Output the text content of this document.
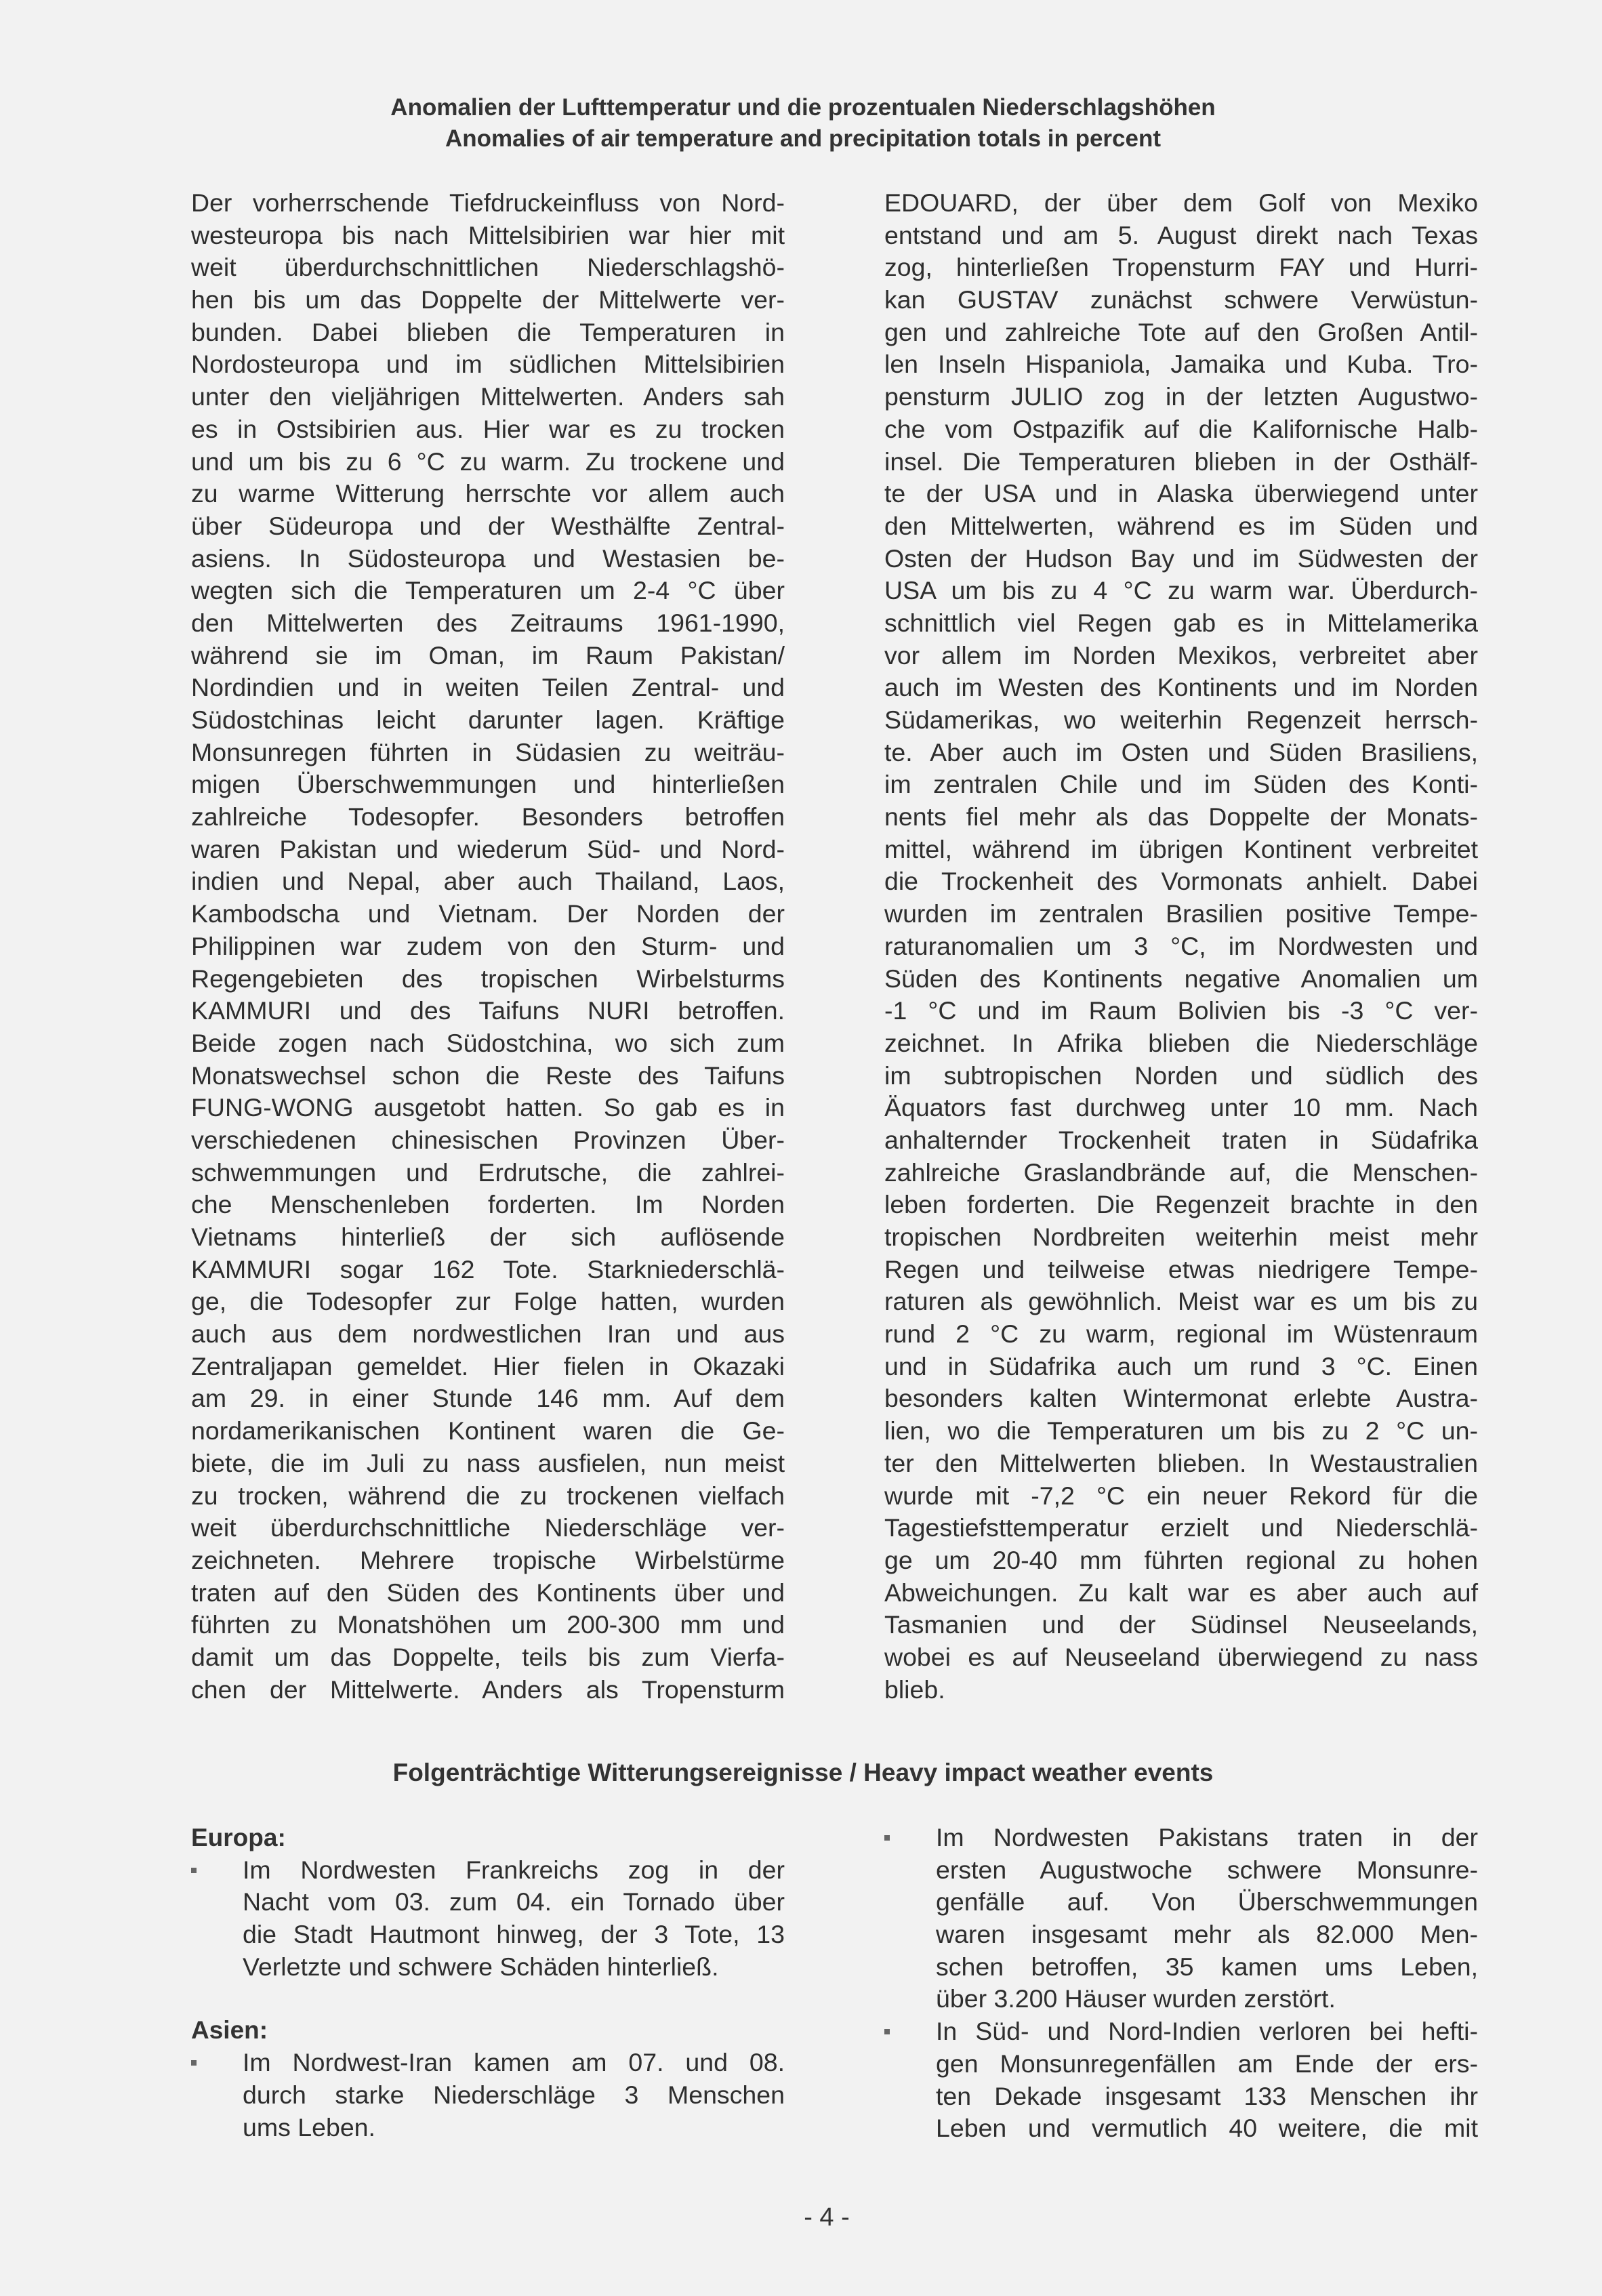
Anomalien der Lufttemperatur und die prozentualen Niederschlagshöhen
Anomalies of air temperature and precipitation totals in percent
Der vorherrschende Tiefdruckeinfluss von Nord-
westeuropa bis nach Mittelsibirien war hier mit
weit überdurchschnittlichen Niederschlagshö-
hen bis um das Doppelte der Mittelwerte ver-
bunden. Dabei blieben die Temperaturen in
Nordosteuropa und im südlichen Mittelsibirien
unter den vieljährigen Mittelwerten. Anders sah
es in Ostsibirien aus. Hier war es zu trocken
und um bis zu 6 °C zu warm. Zu trockene und
zu warme Witterung herrschte vor allem auch
über Südeuropa und der Westhälfte Zentral-
asiens. In Südosteuropa und Westasien be-
wegten sich die Temperaturen um 2-4 °C über
den Mittelwerten des Zeitraums 1961-1990,
während sie im Oman, im Raum Pakistan/
Nordindien und in weiten Teilen Zentral- und
Südostchinas leicht darunter lagen. Kräftige
Monsunregen führten in Südasien zu weiträu-
migen Überschwemmungen und hinterließen
zahlreiche Todesopfer. Besonders betroffen
waren Pakistan und wiederum Süd- und Nord-
indien und Nepal, aber auch Thailand, Laos,
Kambodscha und Vietnam. Der Norden der
Philippinen war zudem von den Sturm- und
Regengebieten des tropischen Wirbelsturms
KAMMURI und des Taifuns NURI betroffen.
Beide zogen nach Südostchina, wo sich zum
Monatswechsel schon die Reste des Taifuns
FUNG-WONG ausgetobt hatten. So gab es in
verschiedenen chinesischen Provinzen Über-
schwemmungen und Erdrutsche, die zahlrei-
che Menschenleben forderten. Im Norden
Vietnams hinterließ der sich auflösende
KAMMURI sogar 162 Tote. Starkniederschlä-
ge, die Todesopfer zur Folge hatten, wurden
auch aus dem nordwestlichen Iran und aus
Zentraljapan gemeldet. Hier fielen in Okazaki
am 29. in einer Stunde 146 mm. Auf dem
nordamerikanischen Kontinent waren die Ge-
biete, die im Juli zu nass ausfielen, nun meist
zu trocken, während die zu trockenen vielfach
weit überdurchschnittliche Niederschläge ver-
zeichneten. Mehrere tropische Wirbelstürme
traten auf den Süden des Kontinents über und
führten zu Monatshöhen um 200-300 mm und
damit um das Doppelte, teils bis zum Vierfa-
chen der Mittelwerte. Anders als Tropensturm
EDOUARD, der über dem Golf von Mexiko
entstand und am 5. August direkt nach Texas
zog, hinterließen Tropensturm FAY und Hurri-
kan GUSTAV zunächst schwere Verwüstun-
gen und zahlreiche Tote auf den Großen Antil-
len Inseln Hispaniola, Jamaika und Kuba. Tro-
pensturm JULIO zog in der letzten Augustwo-
che vom Ostpazifik auf die Kalifornische Halb-
insel. Die Temperaturen blieben in der Osthälf-
te der USA und in Alaska überwiegend unter
den Mittelwerten, während es im Süden und
Osten der Hudson Bay und im Südwesten der
USA um bis zu 4 °C zu warm war. Überdurch-
schnittlich viel Regen gab es in Mittelamerika
vor allem im Norden Mexikos, verbreitet aber
auch im Westen des Kontinents und im Norden
Südamerikas, wo weiterhin Regenzeit herrsch-
te. Aber auch im Osten und Süden Brasiliens,
im zentralen Chile und im Süden des Konti-
nents fiel mehr als das Doppelte der Monats-
mittel, während im übrigen Kontinent verbreitet
die Trockenheit des Vormonats anhielt. Dabei
wurden im zentralen Brasilien positive Tempe-
raturanomalien um 3 °C, im Nordwesten und
Süden des Kontinents negative Anomalien um
-1 °C und im Raum Bolivien bis -3 °C ver-
zeichnet. In Afrika blieben die Niederschläge
im subtropischen Norden und südlich des
Äquators fast durchweg unter 10 mm. Nach
anhalternder Trockenheit traten in Südafrika
zahlreiche Graslandbrände auf, die Menschen-
leben forderten. Die Regenzeit brachte in den
tropischen Nordbreiten weiterhin meist mehr
Regen und teilweise etwas niedrigere Tempe-
raturen als gewöhnlich. Meist war es um bis zu
rund 2 °C zu warm, regional im Wüstenraum
und in Südafrika auch um rund 3 °C. Einen
besonders kalten Wintermonat erlebte Austra-
lien, wo die Temperaturen um bis zu 2 °C un-
ter den Mittelwerten blieben. In Westaustralien
wurde mit -7,2 °C ein neuer Rekord für die
Tagestiefsttemperatur erzielt und Niederschlä-
ge um 20-40 mm führten regional zu hohen
Abweichungen. Zu kalt war es aber auch auf
Tasmanien und der Südinsel Neuseelands,
wobei es auf Neuseeland überwiegend zu nass
blieb.
Folgenträchtige Witterungsereignisse / Heavy impact weather events
Europa:
Im Nordwesten Frankreichs zog in der
Nacht vom 03. zum 04. ein Tornado über
die Stadt Hautmont hinweg, der 3 Tote, 13
Verletzte und schwere Schäden hinterließ.
Asien:
Im Nordwest-Iran kamen am 07. und 08.
durch starke Niederschläge 3 Menschen
ums Leben.
Im Nordwesten Pakistans traten in der
ersten Augustwoche schwere Monsunre-
genfälle auf. Von Überschwemmungen
waren insgesamt mehr als 82.000 Men-
schen betroffen, 35 kamen ums Leben,
über 3.200 Häuser wurden zerstört.
In Süd- und Nord-Indien verloren bei hefti-
gen Monsunregenfällen am Ende der ers-
ten Dekade insgesamt 133 Menschen ihr
Leben und vermutlich 40 weitere, die mit
- 4 -
